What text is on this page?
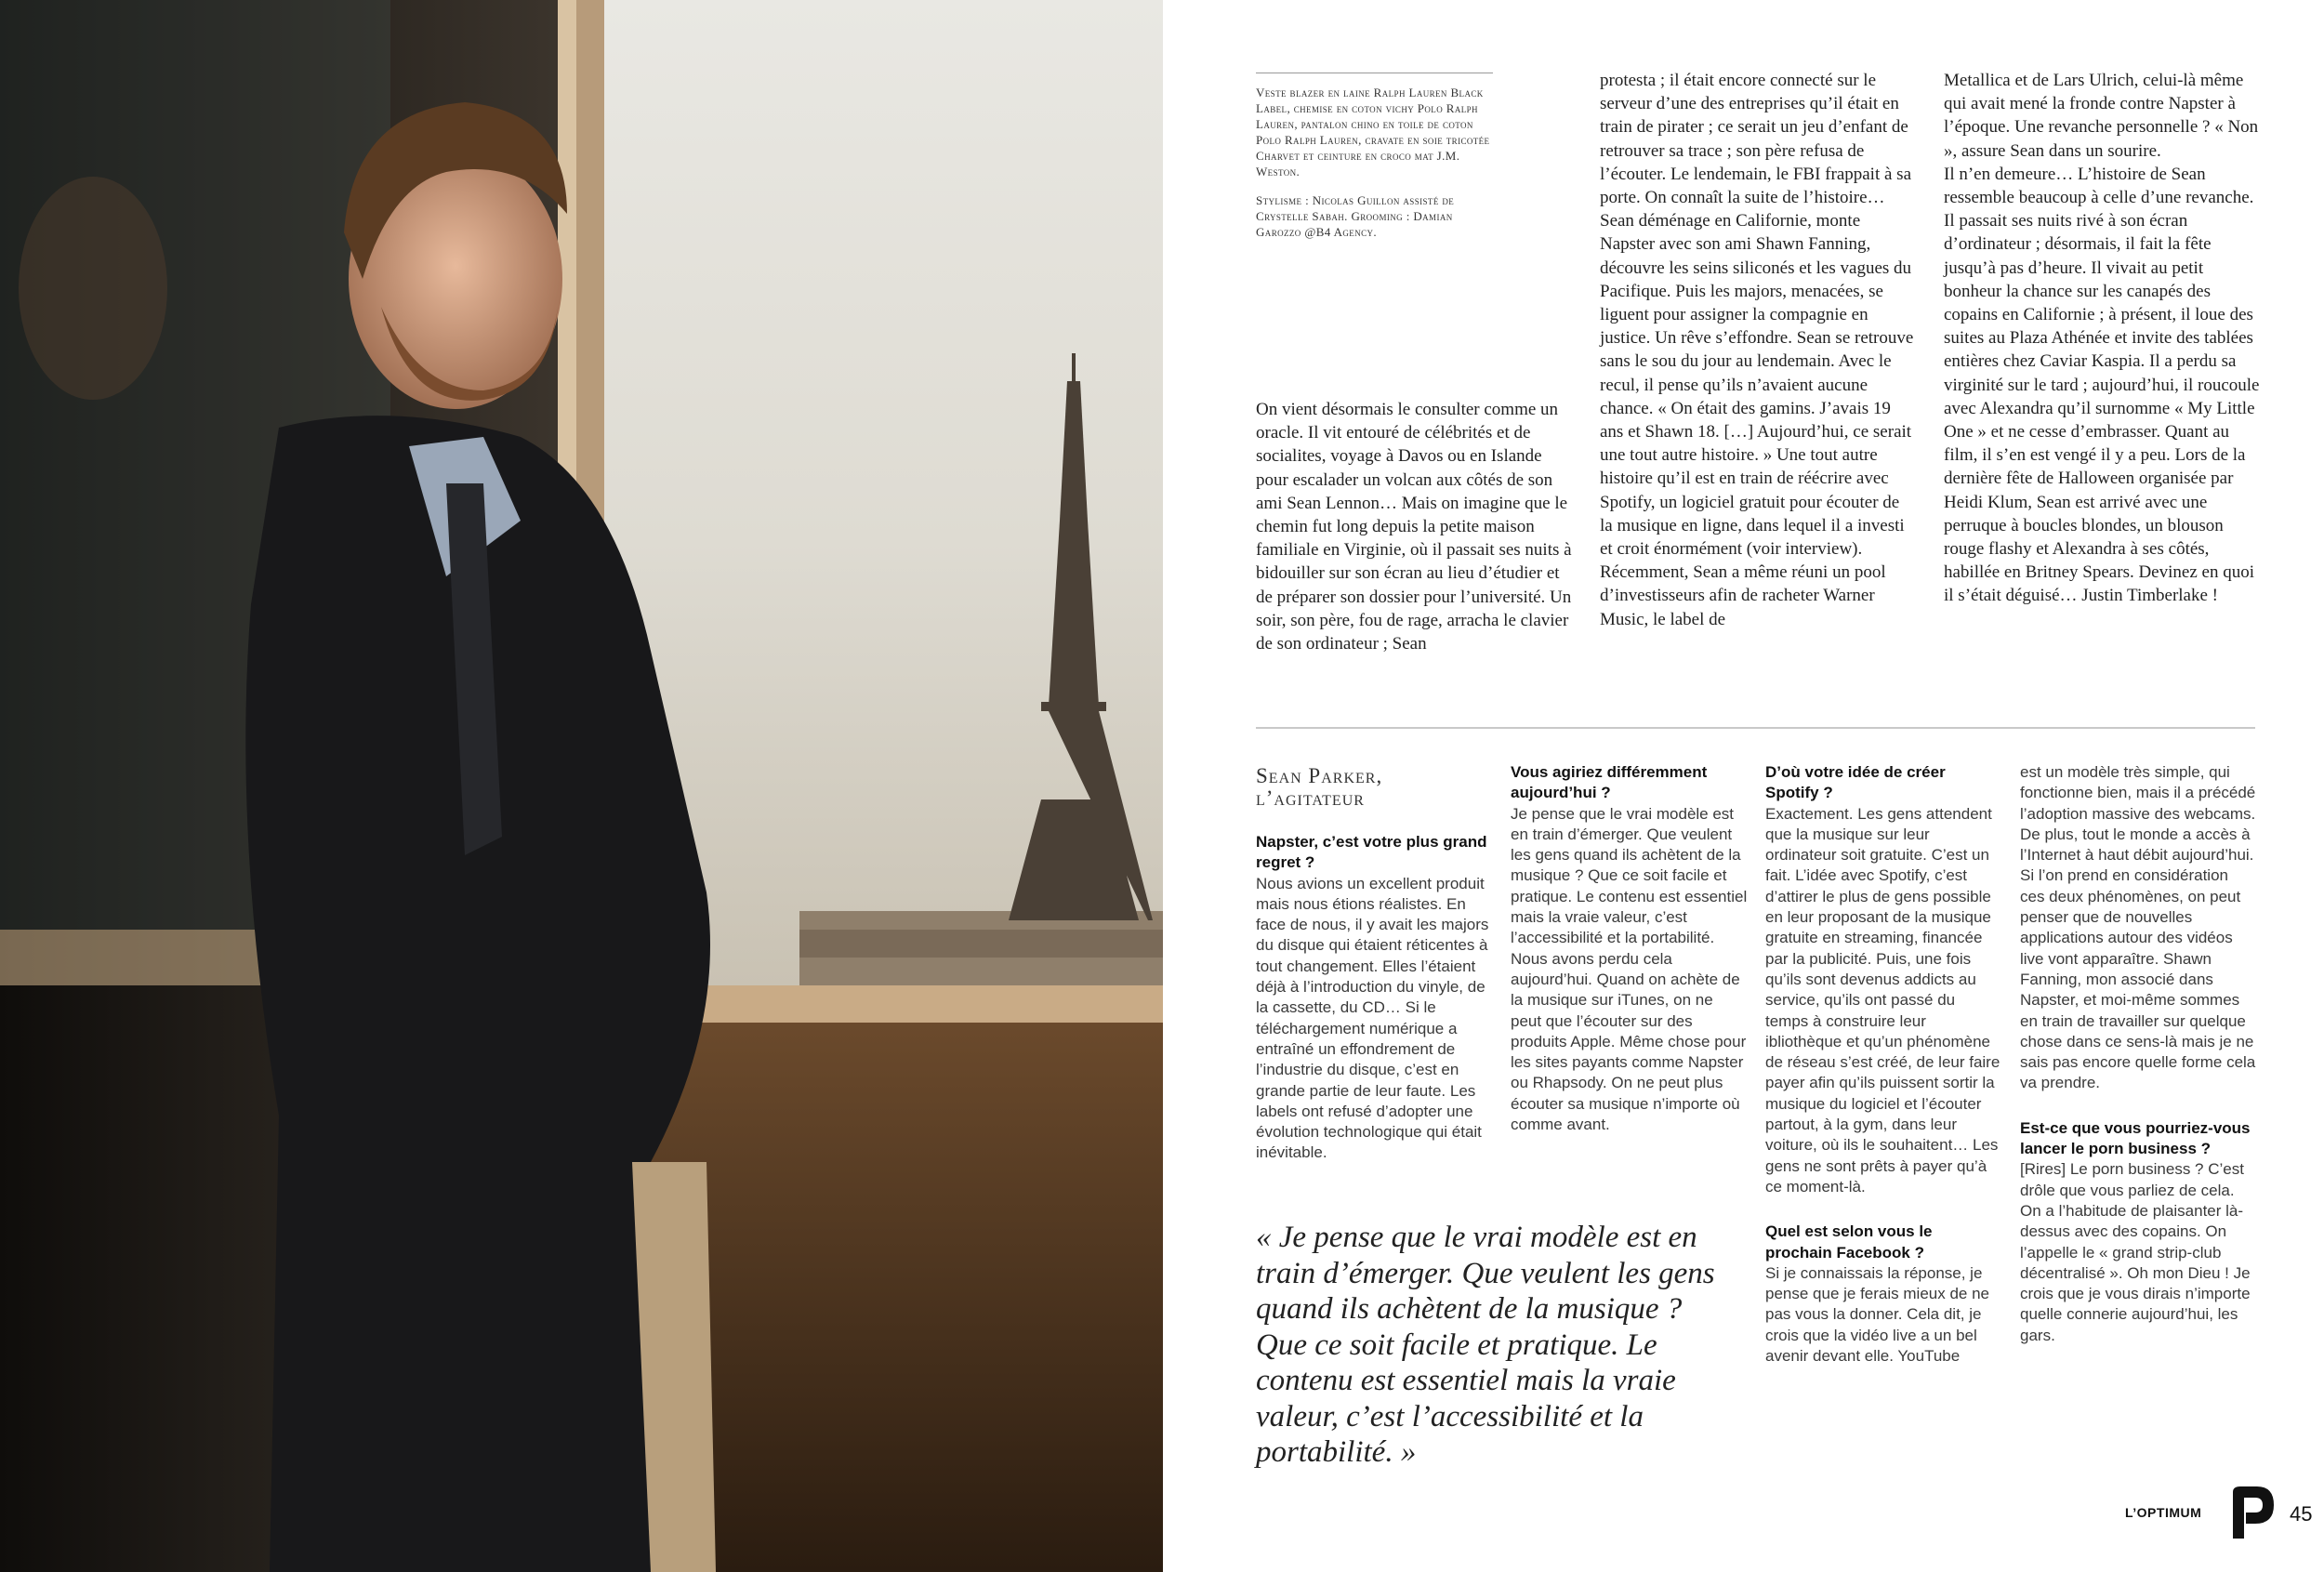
Veste blazer en laine Ralph Lauren Black Label, chemise en coton vichy Polo Ralph Lauren, pantalon chino en toile de coton Polo Ralph Lauren, cravate en soie tricotée Charvet et ceinture en croco mat J.M. Weston.

Stylisme : Nicolas Guillon assisté de Crystelle Sabah. Grooming : Damian Garozzo @B4 Agency.

On vient désormais le consulter comme un oracle. Il vit entouré de célébrités et de socialites, voyage à Davos ou en Islande pour escalader un volcan aux côtés de son ami Sean Lennon… Mais on imagine que le chemin fut long depuis la petite maison familiale en Virginie, où il passait ses nuits à bidouiller sur son écran au lieu d’étudier et de préparer son dossier pour l’université. Un soir, son père, fou de rage, arracha le clavier de son ordinateur ; Sean

protesta ; il était encore connecté sur le serveur d’une des entreprises qu’il était en train de pirater ; ce serait un jeu d’enfant de retrouver sa trace ; son père refusa de l’écouter. Le lendemain, le FBI frappait à sa porte. On connaît la suite de l’histoire… Sean déménage en Californie, monte Napster avec son ami Shawn Fanning, découvre les seins siliconés et les vagues du Pacifique. Puis les majors, menacées, se liguent pour assigner la compagnie en justice. Un rêve s’effondre. Sean se retrouve sans le sou du jour au lendemain. Avec le recul, il pense qu’ils n’avaient aucune chance. « On était des gamins. J’avais 19 ans et Shawn 18. […] Aujourd’hui, ce serait une tout autre histoire. » Une tout autre histoire qu’il est en train de réécrire avec Spotify, un logiciel gratuit pour écouter de la musique en ligne, dans lequel il a investi et croit énormément (voir interview). Récemment, Sean a même réuni un pool d’investisseurs afin de racheter Warner Music, le label de

Metallica et de Lars Ulrich, celui-là même qui avait mené la fronde contre Napster à l’époque. Une revanche personnelle ? « Non », assure Sean dans un sourire.

Il n’en demeure… L’histoire de Sean ressemble beaucoup à celle d’une revanche. Il passait ses nuits rivé à son écran d’ordinateur ; désormais, il fait la fête jusqu’à pas d’heure. Il vivait au petit bonheur la chance sur les canapés des copains en Californie ; à présent, il loue des suites au Plaza Athénée et invite des tablées entières chez Caviar Kaspia. Il a perdu sa virginité sur le tard ; aujourd’hui, il roucoule avec Alexandra qu’il surnomme « My Little One » et ne cesse d’embrasser. Quant au film, il s’en est vengé il y a peu. Lors de la dernière fête de Halloween organisée par Heidi Klum, Sean est arrivé avec une perruque à boucles blondes, un blouson rouge flashy et Alexandra à ses côtés, habillée en Britney Spears. Devinez en quoi il s’était déguisé… Justin Timberlake !

Sean Parker,
l’agitateur
Napster, c’est votre plus grand regret ?
Nous avions un excellent produit mais nous étions réalistes. En face de nous, il y avait les majors du disque qui étaient réticentes à tout changement. Elles l’étaient déjà à l’introduction du vinyle, de la cassette, du CD… Si le téléchargement numérique a entraîné un effondrement de l’industrie du disque, c’est en grande partie de leur faute. Les labels ont refusé d’adopter une évolution technologique qui était inévitable.
Vous agiriez différemment aujourd’hui ?
Je pense que le vrai modèle est en train d’émerger. Que veulent les gens quand ils achètent de la musique ? Que ce soit facile et pratique. Le contenu est essentiel mais la vraie valeur, c’est l’accessibilité et la portabilité. Nous avons perdu cela aujourd’hui. Quand on achète de la musique sur iTunes, on ne peut que l’écouter sur des produits Apple. Même chose pour les sites payants comme Napster ou Rhapsody. On ne peut plus écouter sa musique n’importe où comme avant.
D’où votre idée de créer Spotify ?
Exactement. Les gens attendent que la musique sur leur ordinateur soit gratuite. C’est un fait. L’idée avec Spotify, c’est d’attirer le plus de gens possible en leur proposant de la musique gratuite en streaming, financée par la publicité. Puis, une fois qu’ils sont devenus addicts au service, qu’ils ont passé du temps à construire leur ibliothèque et qu’un phénomène de réseau s’est créé, de leur faire payer afin qu’ils puissent sortir la musique du logiciel et l’écouter partout, à la gym, dans leur voiture, où ils le souhaitent… Les gens ne sont prêts à payer qu’à ce moment-là.
Quel est selon vous le prochain Facebook ?
Si je connaissais la réponse, je pense que je ferais mieux de ne pas vous la donner. Cela dit, je crois que la vidéo live a un bel avenir devant elle. YouTube
est un modèle très simple, qui fonctionne bien, mais il a précédé l’adoption massive des webcams. De plus, tout le monde a accès à l’Internet à haut débit aujourd’hui. Si l’on prend en considération ces deux phénomènes, on peut penser que de nouvelles applications autour des vidéos live vont apparaître. Shawn Fanning, mon associé dans Napster, et moi-même sommes en train de travailler sur quelque chose dans ce sens-là mais je ne sais pas encore quelle forme cela va prendre.
Est-ce que vous pourriez-vous lancer le porn business ?
[Rires] Le porn business ? C’est drôle que vous parliez de cela. On a l’habitude de plaisanter là-dessus avec des copains. On l’appelle le « grand strip-club décentralisé ». Oh mon Dieu ! Je crois que je vous dirais n’importe quelle connerie aujourd’hui, les gars.
« Je pense que le vrai modèle est en train d’émerger. Que veulent les gens quand ils achètent de la musique ? Que ce soit facile et pratique. Le contenu est essentiel mais la vraie valeur, c’est l’accessibilité et la portabilité. »
L’OPTIMUM	45
